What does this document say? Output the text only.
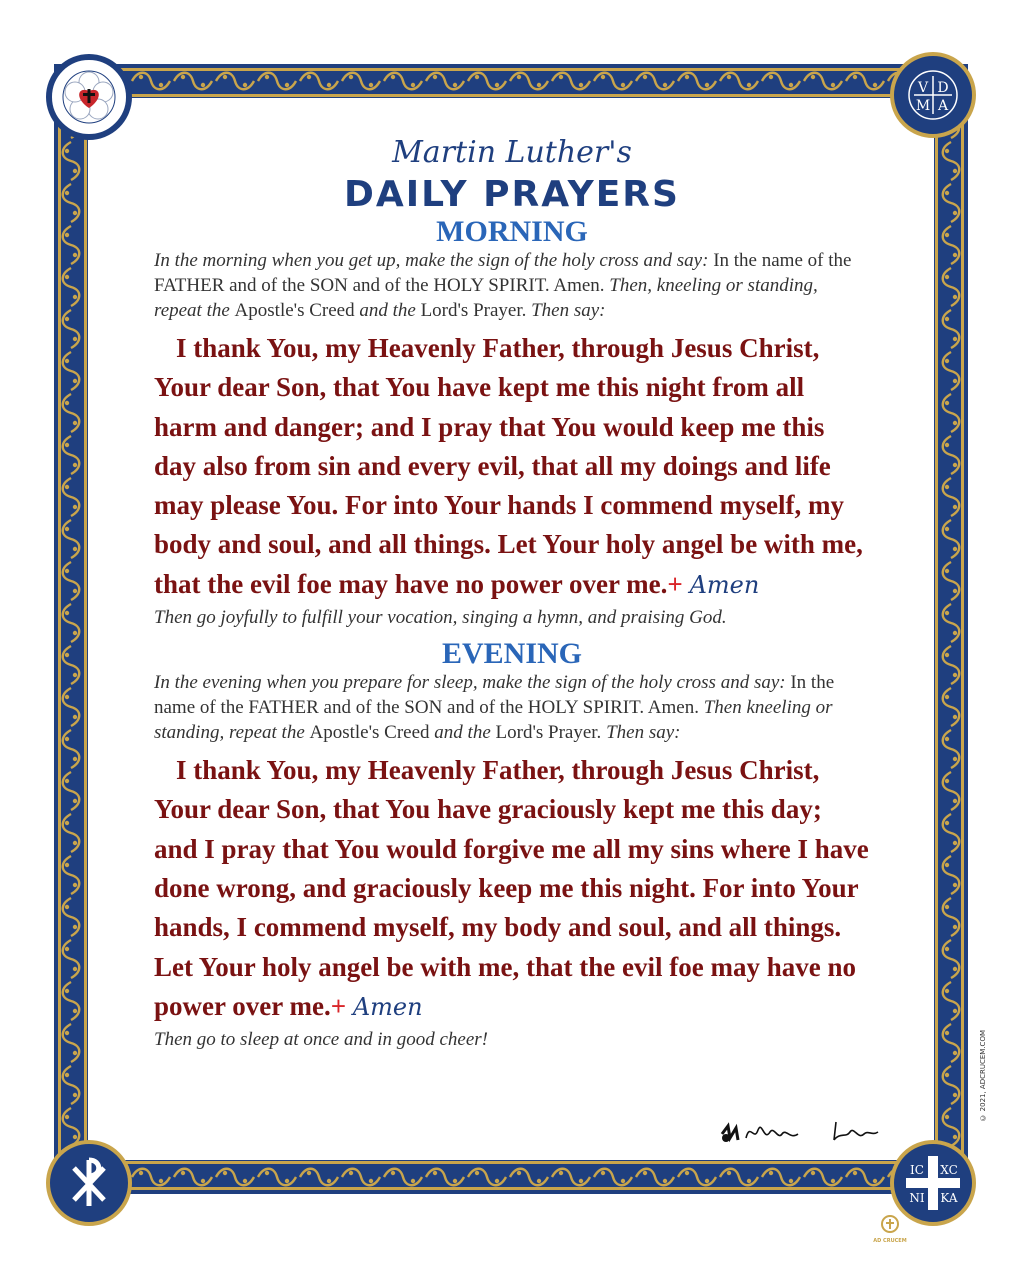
V D
M A
IC XC
NI KA
Martin Luther's
DAILY PRAYERS
MORNING
In the morning when you get up, make the sign of the holy cross and say: In the name of the FATHER and of the SON and of the HOLY SPIRIT. Amen. Then, kneeling or standing, repeat the Apostle's Creed and the Lord's Prayer. Then say:
I thank You, my Heavenly Father, through Jesus Christ, Your dear Son, that You have kept me this night from all harm and danger; and I pray that You would keep me this day also from sin and every evil, that all my doings and life may please You. For into Your hands I commend myself, my body and soul, and all things. Let Your holy angel be with me, that the evil foe may have no power over me.+ Amen
Then go joyfully to fulfill your vocation, singing a hymn, and praising God.
EVENING
In the evening when you prepare for sleep, make the sign of the holy cross and say: In the name of the FATHER and of the SON and of the HOLY SPIRIT. Amen. Then kneeling or standing, repeat the Apostle's Creed and the Lord's Prayer. Then say:
I thank You, my Heavenly Father, through Jesus Christ, Your dear Son, that You have graciously kept me this day; and I pray that You would forgive me all my sins where I have done wrong, and graciously keep me this night. For into Your hands, I commend myself, my body and soul, and all things. Let Your holy angel be with me, that the evil foe may have no power over me.+ Amen
Then go to sleep at once and in good cheer!	© 2021, ADCRUCEM.COM
AD CRUCEM
